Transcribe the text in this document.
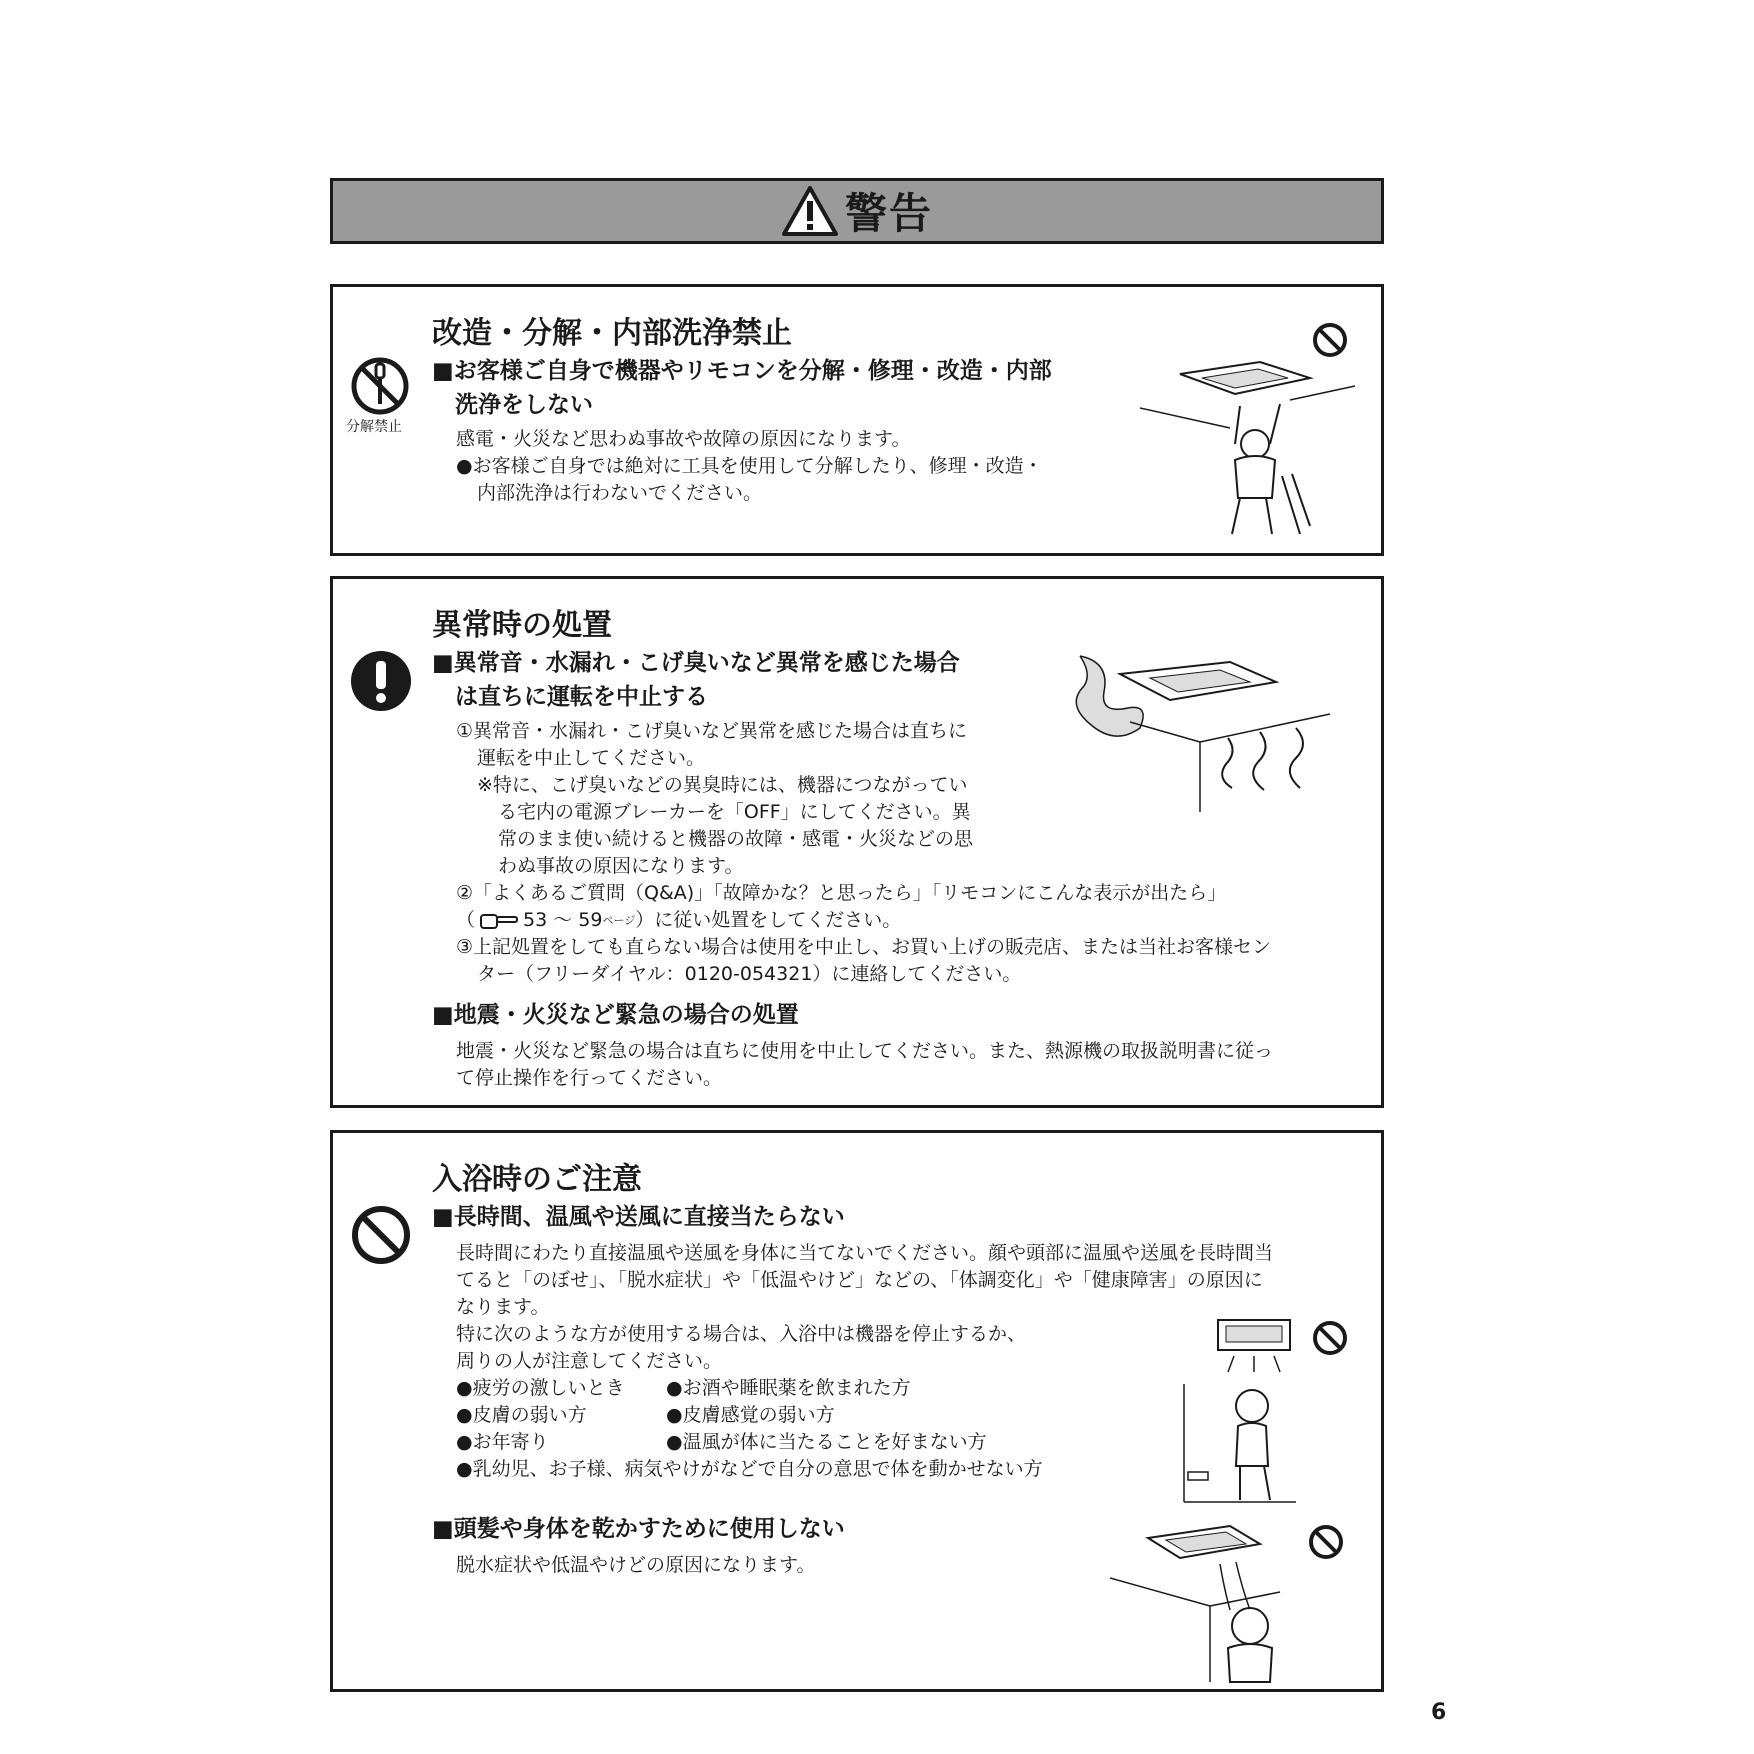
警告
改造・分解・内部洗浄禁止
分解禁止
■お客様ご自身で機器やリモコンを分解・修理・改造・内部
洗浄をしない
感電・火災など思わぬ事故や故障の原因になります。
●お客様ご自身では絶対に工具を使用して分解したり、修理・改造・
内部洗浄は行わないでください。
異常時の処置
■異常音・水漏れ・こげ臭いなど異常を感じた場合
は直ちに運転を中止する
①異常音・水漏れ・こげ臭いなど異常を感じた場合は直ちに
運転を中止してください。
※特に、こげ臭いなどの異臭時には、機器につながってい
る宅内の電源ブレーカーを「OFF」にしてください。異
常のまま使い続けると機器の故障・感電・火災などの思
わぬ事故の原因になります。
②「よくあるご質問（Q&A)」「故障かな？と思ったら」「リモコンにこんな表示が出たら」
（	53 ～ 59 ページ ）に従い処置をしてください。
③上記処置をしても直らない場合は使用を中止し、お買い上げの販売店、または当社お客様セン
ター（フリーダイヤル：0120-054321）に連絡してください。
■地震・火災など緊急の場合の処置
地震・火災など緊急の場合は直ちに使用を中止してください。また、熱源機の取扱説明書に従っ
て停止操作を行ってください。
入浴時のご注意
■長時間、温風や送風に直接当たらない
長時間にわたり直接温風や送風を身体に当てないでください。顔や頭部に温風や送風を長時間当
てると「のぼせ」、「脱水症状」や「低温やけど」などの、「体調変化」や「健康障害」の原因に
なります。
特に次のような方が使用する場合は、入浴中は機器を停止するか、
周りの人が注意してください。
●疲労の激しいとき ●お酒や睡眠薬を飲まれた方
●皮膚の弱い方	●皮膚感覚の弱い方
●お年寄り	●温風が体に当たることを好まない方
●乳幼児、お子様、病気やけがなどで自分の意思で体を動かせない方
■頭髪や身体を乾かすために使用しない
脱水症状や低温やけどの原因になります。
6
